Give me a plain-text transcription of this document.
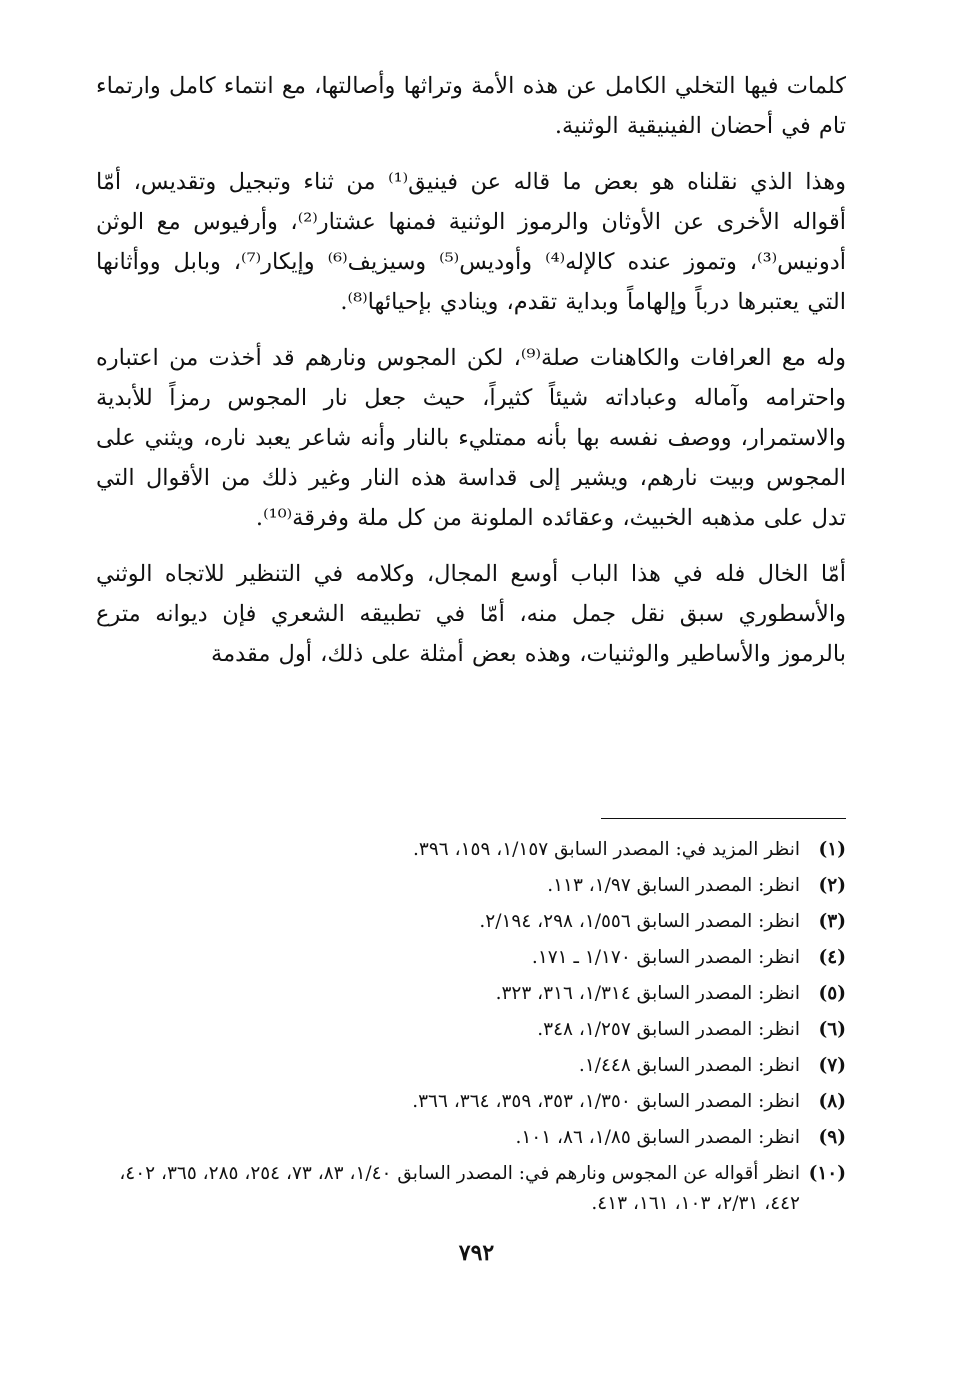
كلمات فيها التخلي الكامل عن هذه الأمة وتراثها وأصالتها، مع انتماء كامل وارتماء تام في أحضان الفينيقية الوثنية.

وهذا الذي نقلناه هو بعض ما قاله عن فينيق⁽¹⁾ من ثناء وتبجيل وتقديس، أمّا أقواله الأخرى عن الأوثان والرموز الوثنية فمنها عشتار⁽²⁾، وأرفيوس مع الوثن أدونيس⁽³⁾، وتموز عنده كالإله⁽⁴⁾ وأوديس⁽⁵⁾ وسيزيف⁽⁶⁾ وإيكار⁽⁷⁾، وبابل ووأثانها التي يعتبرها درباً وإلهاماً وبداية تقدم، وينادي بإحيائها⁽⁸⁾.

وله مع العرافات والكاهنات صلة⁽⁹⁾، لكن المجوس ونارهم قد أخذت من اعتباره واحترامه وآماله وعباداته شيئاً كثيراً، حيث جعل نار المجوس رمزاً للأبدية والاستمرار، ووصف نفسه بها بأنه ممتليء بالنار وأنه شاعر يعبد ناره، ويثني على المجوس وبيت نارهم، ويشير إلى قداسة هذه النار وغير ذلك من الأقوال التي تدل على مذهبه الخبيث، وعقائده الملونة من كل ملة وفرقة⁽¹⁰⁾.

أمّا الخال فله في هذا الباب أوسع المجال، وكلامه في التنظير للاتجاه الوثني والأسطوري سبق نقل جمل منه، أمّا في تطبيقه الشعري فإن ديوانه مترع بالرموز والأساطير والوثنيات، وهذه بعض أمثلة على ذلك، أول مقدمة

(١)
انظر المزيد في: المصدر السابق ١/١٥٧، ١٥٩، ٣٩٦.
(٢)
انظر: المصدر السابق ١/٩٧، ١١٣.
(٣)
انظر: المصدر السابق ١/٥٥٦، ٢٩٨، ٢/١٩٤.
(٤)
انظر: المصدر السابق ١/١٧٠ ـ ١٧١.
(٥)
انظر: المصدر السابق ١/٣١٤، ٣١٦، ٣٢٣.
(٦)
انظر: المصدر السابق ١/٢٥٧، ٣٤٨.
(٧)
انظر: المصدر السابق ١/٤٤٨.
(٨)
انظر: المصدر السابق ١/٣٥٠، ٣٥٣، ٣٥٩، ٣٦٤، ٣٦٦.
(٩)
انظر: المصدر السابق ١/٨٥، ٨٦، ١٠١.
(١٠)
انظر أقواله عن المجوس ونارهم في: المصدر السابق ١/٤٠، ٨٣، ٧٣، ٢٥٤، ٢٨٥، ٣٦٥، ٤٠٢، ٤٤٢، ٢/٣١، ١٠٣، ١٦١، ٤١٣.
٧٩٢
